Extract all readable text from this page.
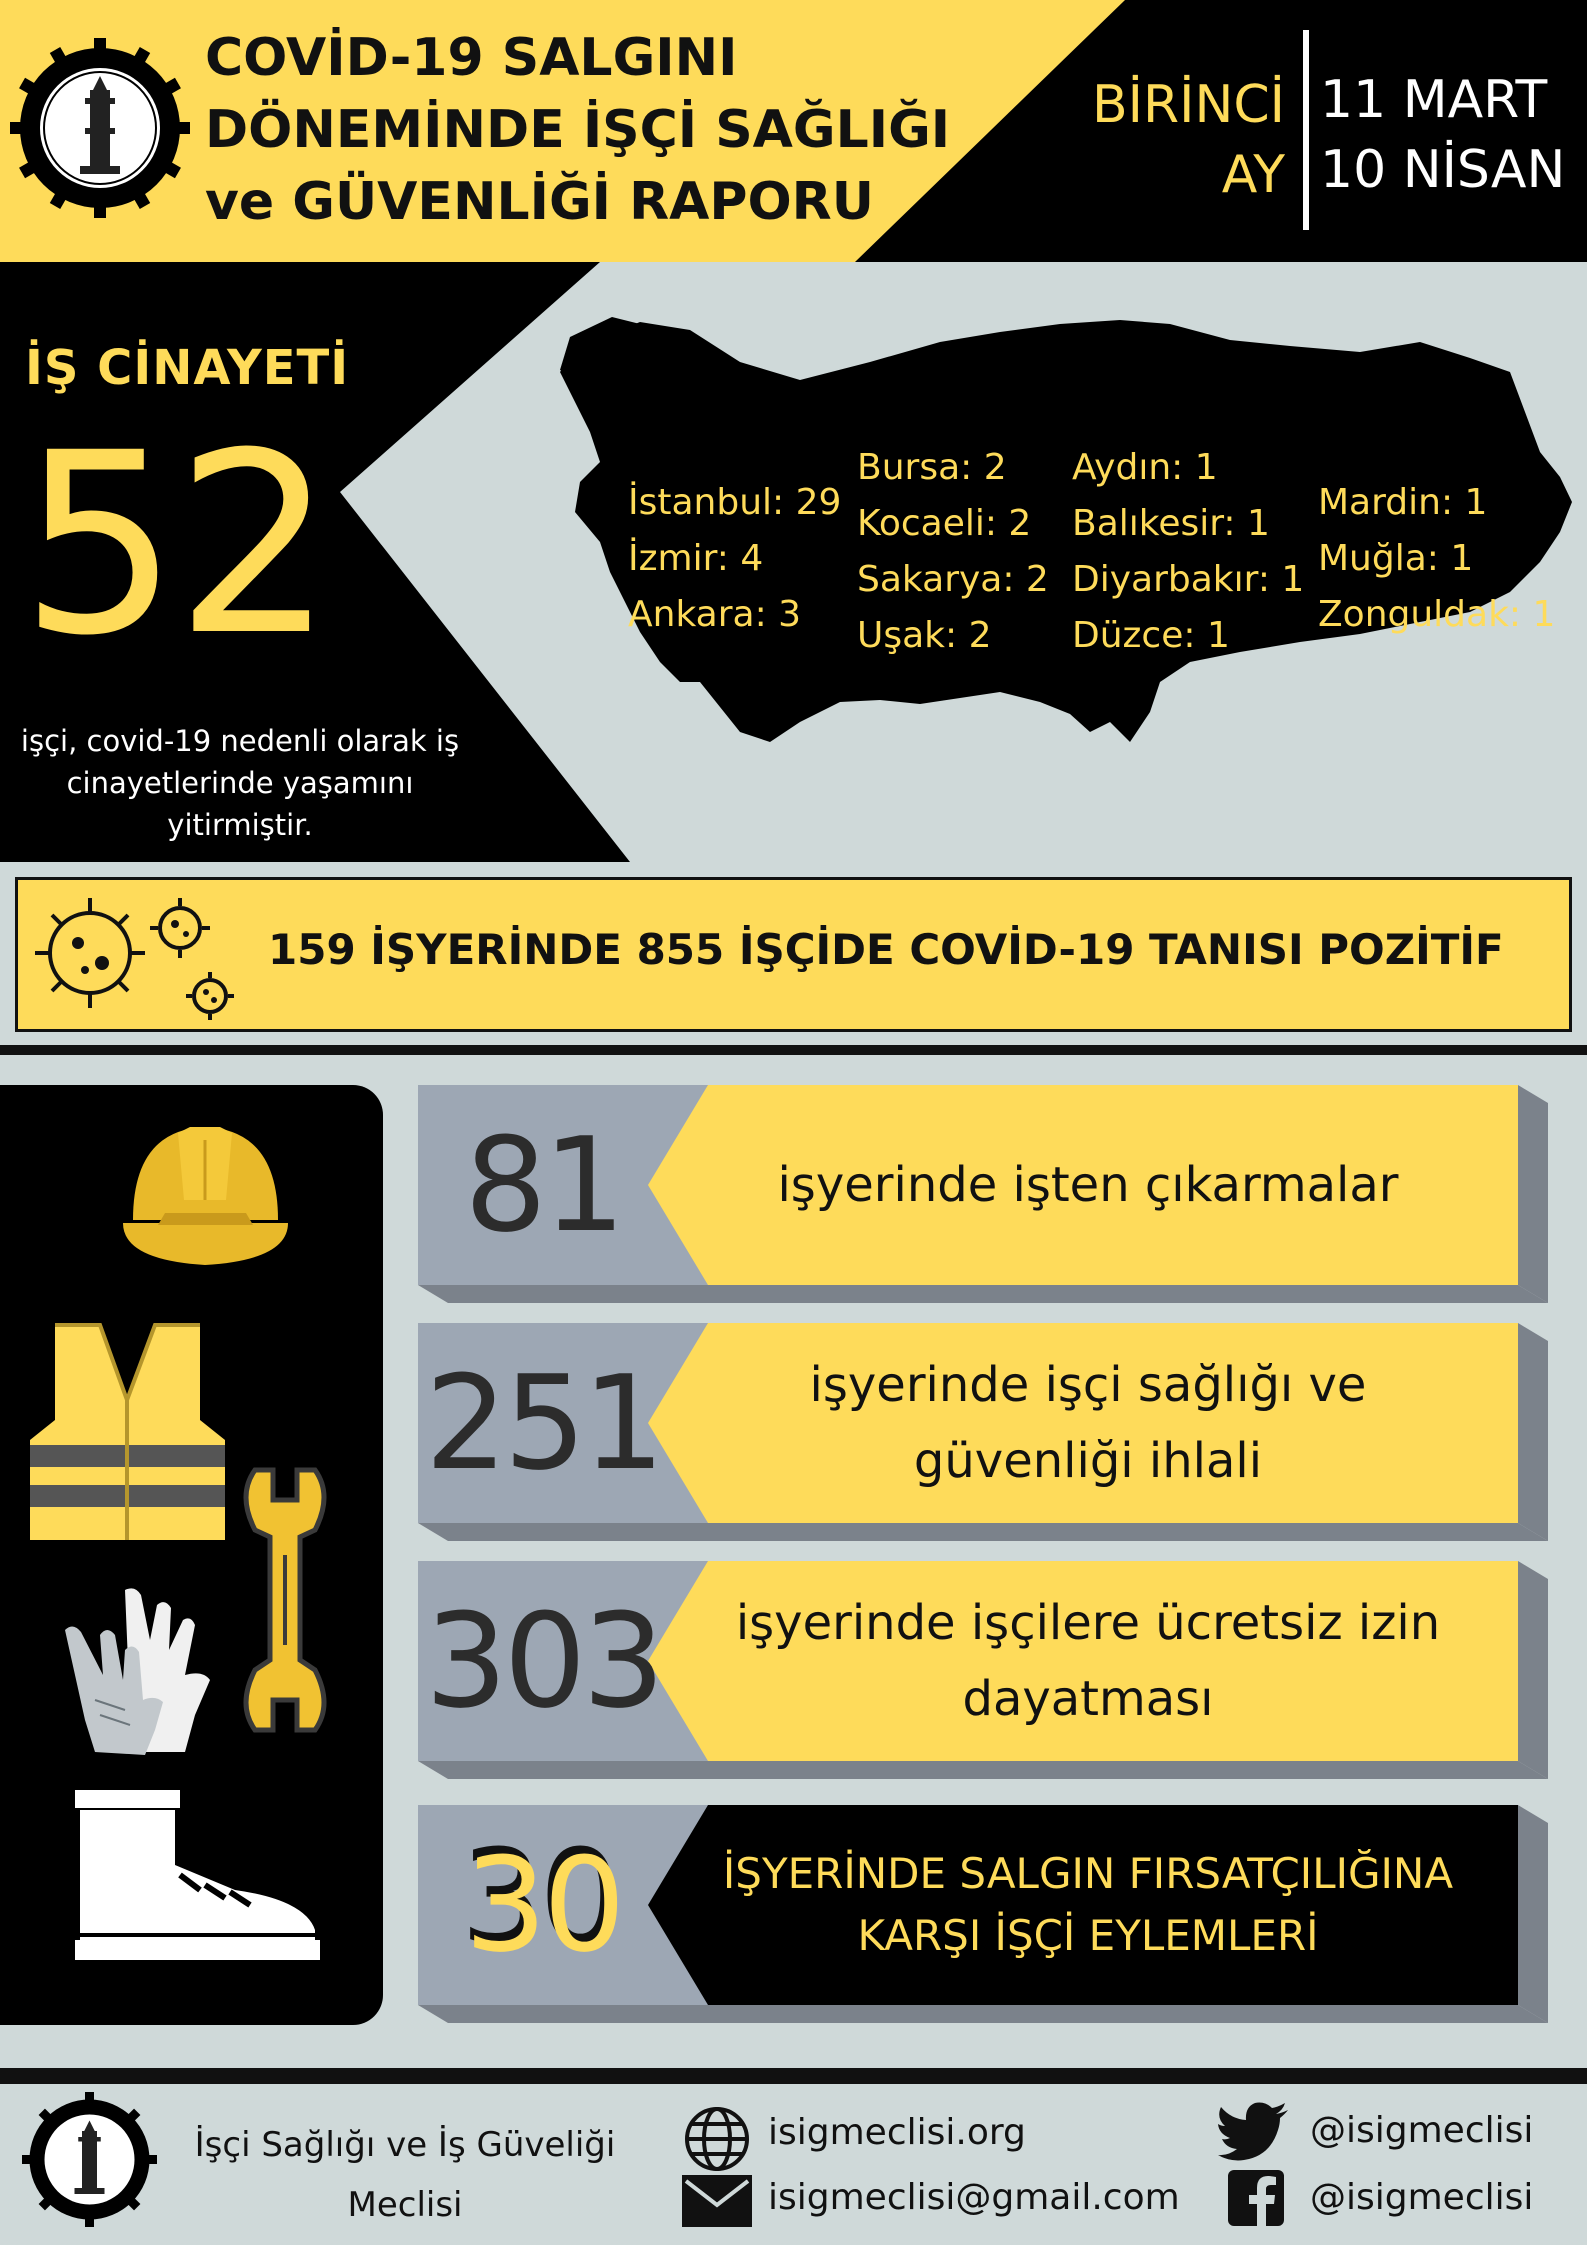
COVİD-19 SALGINI
DÖNEMİNDE İŞÇİ SAĞLIĞI
ve GÜVENLİĞİ RAPORU
BİRİNCİ
AY
11 MART
10 NİSAN
İŞ CİNAYETİ
52
işçi, covid-19 nedenli olarak iş cinayetlerinde yaşamını yitirmiştir.
İstanbul: 29
İzmir: 4
Ankara: 3
Bursa: 2
Kocaeli: 2
Sakarya: 2
Uşak: 2
Aydın: 1
Balıkesir: 1
Diyarbakır: 1
Düzce: 1
Mardin: 1
Muğla: 1
Zonguldak: 1
159 İŞYERİNDE 855 İŞÇİDE COVİD-19 TANISI POZİTİF
81	işyerinde işten çıkarmalar
251	işyerinde işçi sağlığı ve güvenliği ihlali
303	işyerinde işçilere ücretsiz izin dayatması
30	İŞYERİNDE SALGIN FIRSATÇILIĞINA KARŞI İŞÇİ EYLEMLERİ
İşçi Sağlığı ve İş Güveliği Meclisi
isigmeclisi.org
isigmeclisi@gmail.com
@isigmeclisi
@isigmeclisi
